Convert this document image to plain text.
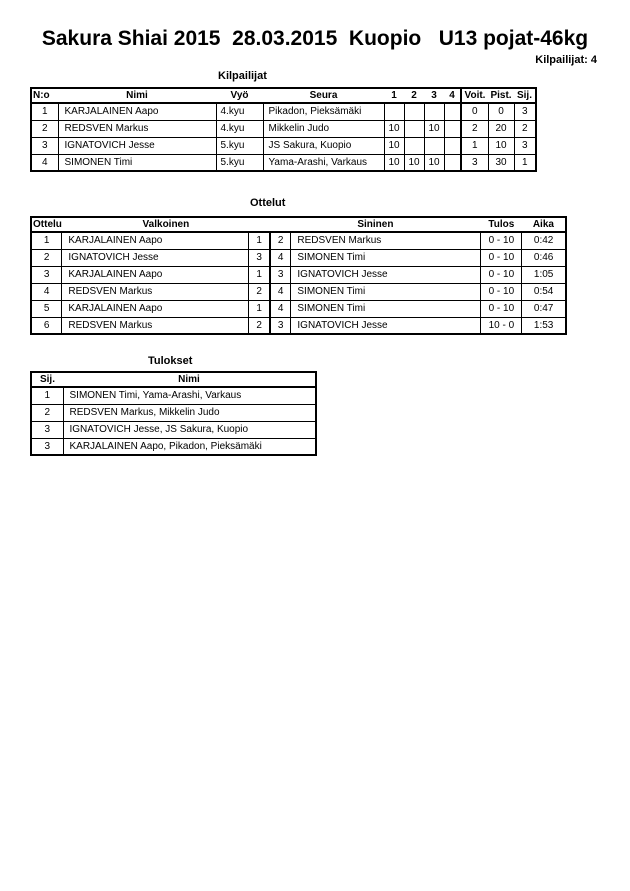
Sakura Shiai 2015  28.03.2015  Kuopio   U13 pojat-46kg
Kilpailijat: 4
Kilpailijat
N:o	Nimi	Vyö	Seura	1	2	3	4	Voit.	Pist.	Sij.
1	KARJALAINEN Aapo	4.kyu	Pikadon, Pieksämäki					0	0	3
2	REDSVEN Markus	4.kyu	Mikkelin Judo	10		10		2	20	2
3	IGNATOVICH Jesse	5.kyu	JS Sakura, Kuopio	10				1	10	3
4	SIMONEN Timi	5.kyu	Yama-Arashi, Varkaus	10	10	10		3	30	1
Ottelut
Ottelu	Valkoinen		Sininen		Tulos	Aika
1	KARJALAINEN Aapo	1	2	REDSVEN Markus	0 - 10	0:42
2	IGNATOVICH Jesse	3	4	SIMONEN Timi	0 - 10	0:46
3	KARJALAINEN Aapo	1	3	IGNATOVICH Jesse	0 - 10	1:05
4	REDSVEN Markus	2	4	SIMONEN Timi	0 - 10	0:54
5	KARJALAINEN Aapo	1	4	SIMONEN Timi	0 - 10	0:47
6	REDSVEN Markus	2	3	IGNATOVICH Jesse	10 - 0	1:53
Tulokset
Sij.	Nimi
1	SIMONEN Timi, Yama-Arashi, Varkaus
2	REDSVEN Markus, Mikkelin Judo
3	IGNATOVICH Jesse, JS Sakura, Kuopio
3	KARJALAINEN Aapo, Pikadon, Pieksämäki
